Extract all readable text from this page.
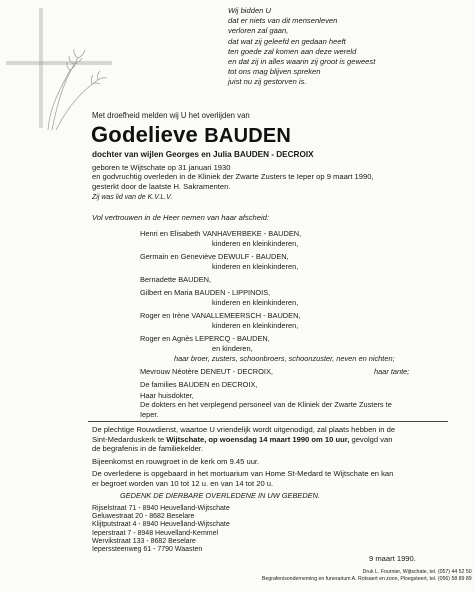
Wij bidden U
dat er niets van dit mensenleven
verloren zal gaan,
dat wat zij geleefd en gedaan heeft
ten goede zal komen aan deze wereld
en dat zij in alles waarin zij groot is geweest
tot ons mag blijven spreken
juist nu zij gestorven is.
Met droefheid melden wij U het overlijden van
Godelieve BAUDEN
dochter van wijlen Georges en Julia BAUDEN - DECROIX
geboren te Wijtschate op 31 januari 1930
en godvruchtig overleden in de Kliniek der Zwarte Zusters te Ieper op 9 maart 1990,
gesterkt door de laatste H. Sakramenten.
Zij was lid van de K.V.L.V.
Vol vertrouwen in de Heer nemen van haar afscheid:
Henri en Elisabeth VANHAVERBEKE - BAUDEN,
kinderen en kleinkinderen,
Germain en Geneviève DEWULF - BAUDEN,
kinderen en kleinkinderen,
Bernadette BAUDEN,
Gilbert en Maria BAUDEN - LIPPINOIS,
kinderen en kleinkinderen,
Roger en Irène VANALLEMEERSCH - BAUDEN,
kinderen en kleinkinderen,
Roger en Agnès LEPERCQ - BAUDEN,
en kinderen,
haar broer, zusters, schoonbroers, schoonzuster, neven en nichten;
Mevrouw Néotère DENEUT - DECROIX,	haar tante;
De families BAUDEN en DECROIX,
Haar huisdokter,
De dokters en het verplegend personeel van de Kliniek der Zwarte Zusters te
Ieper.
De plechtige Rouwdienst, waartoe U vriendelijk wordt uitgenodigd, zal plaats hebben in de
Sint-Medarduskerk te Wijtschate, op woensdag 14 maart 1990 om 10 uur, gevolgd van
de begrafenis in de familiekelder.
Bijeenkomst en rouwgroet in de kerk om 9.45 uur.
De overledene is opgebaard in het mortuarium van Home St-Medard te Wijtschate en kan
er begroet worden van 10 tot 12 u. en van 14 tot 20 u.
GEDENK DE DIERBARE OVERLEDENE IN UW GEBEDEN.
Rijselstraat 71 - 8940 Heuvelland-Wijtschate
Geluwestraat 20 - 8682 Beselare
Klijtputstraat 4 - 8940 Heuvelland-Wijtschate
Ieperstraat 7 - 8948 Heuvelland-Kemmel
Wervikstraat 133 - 8682 Beselare
Ieperssteenweg 61 - 7790 Waasten
9 maart 1990.
Druk L. Fournier, Wijtschate, tel. (057) 44 52 50
Begrafenisonderneming en funerarium A. Rotsaert en zoon, Ploegsteert, tel. (056) 58 89 89
